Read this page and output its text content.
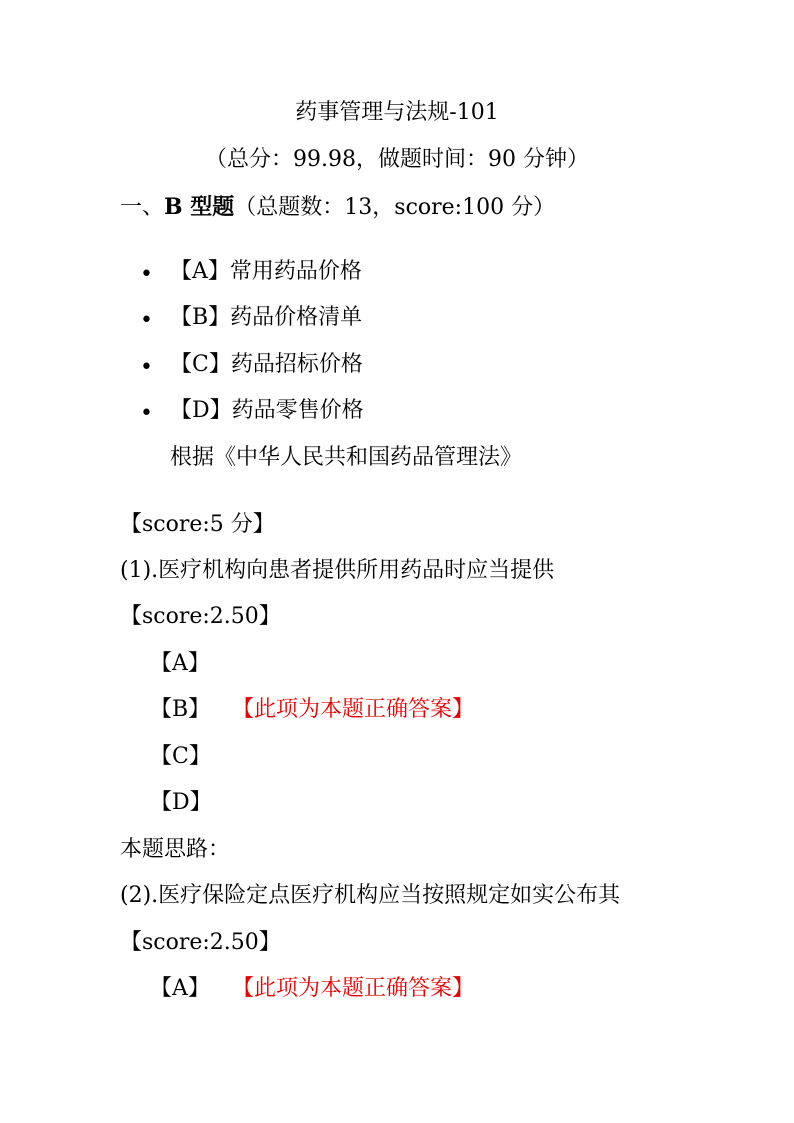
药事管理与法规-101
（总分：99.98，做题时间：90 分钟）
一、B 型题（总题数：13，score:100 分）
• 【A】常用药品价格
• 【B】药品价格清单
• 【C】药品招标价格
• 【D】药品零售价格
根据《中华人民共和国药品管理法》
【score:5 分】
(1).医疗机构向患者提供所用药品时应当提供
【score:2.50】
【A】
【B】 【此项为本题正确答案】
【C】
【D】
本题思路：
(2).医疗保险定点医疗机构应当按照规定如实公布其
【score:2.50】
【A】 【此项为本题正确答案】
